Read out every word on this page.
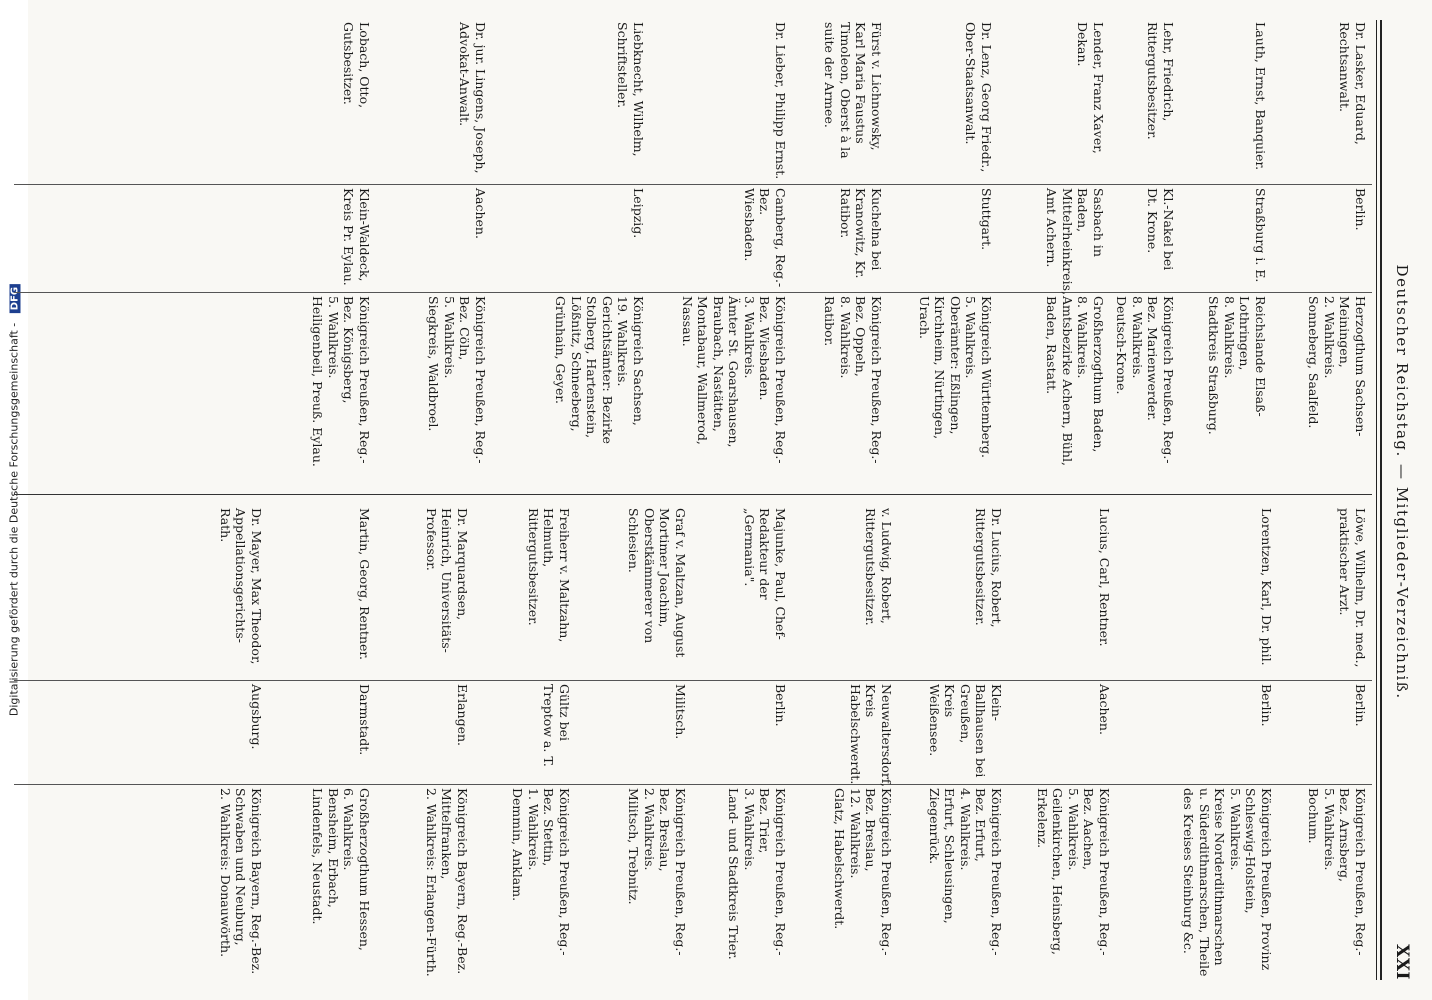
Digitalisierung gefördert durch die Deutsche Forschungsgemeinschaft - DFG	Deutscher Reichstag. — Mitglieder-Verzeichniß.
XXI
Dr. Lasker, Eduard, Rechtsanwalt.
Berlin.
Herzogthum Sachsen-Meiningen,
2. Wahlkreis.
Sonneberg, Saalfeld.
Lauth, Ernst, Banquier.
Straßburg i. E.
Reichslande Elsaß-Lothringen,
8. Wahlkreis.
Stadtkreis Straßburg.
Lehr, Friedrich, Rittergutsbesitzer.
Kl.-Nakel bei Dt. Krone.
Königreich Preußen, Reg.-Bez. Marienwerder.
8. Wahlkreis.
Deutsch-Krone.
Lender, Franz Xaver, Dekan.
Sasbach in Baden, Mittelrheinkreis, Amt Achern.
Großherzogthum Baden,
8. Wahlkreis.
Amtsbezirke Achern, Bühl, Baden, Rastatt.
Dr. Lenz, Georg Friedr., Ober-Staatsanwalt.
Stuttgart.
Königreich Württemberg.
5. Wahlkreis.
Oberämter: Eßlingen, Kirchheim, Nürtingen, Urach.
Fürst v. Lichnowsky, Karl Maria Faustus Timoleon, Oberst à la suite der Armee.
Kuchelna bei Kranowitz, Kr. Ratibor.
Königreich Preußen, Reg.-Bez. Oppeln,
8. Wahlkreis.
Ratibor.
Dr. Lieber, Philipp Ernst.
Camberg, Reg.-Bez. Wiesbaden.
Königreich Preußen, Reg.-Bez. Wiesbaden.
3. Wahlkreis.
Ämter St. Goarshausen, Braubach, Nastätten, Montabaur, Wallmerod, Nassau.
Liebknecht, Wilhelm, Schriftsteller.
Leipzig.
Königreich Sachsen,
19. Wahlkreis.
Gerichtsämter: Bezirke Stolberg, Hartenstein, Lößnitz, Schneeberg, Grünhain, Geyer.
Dr. jur. Lingens, Joseph, Advokat-Anwalt.
Aachen.
Königreich Preußen, Reg.-Bez. Cöln,
5. Wahlkreis.
Siegkreis, Waldbroel.
Lobach, Otto, Gutsbesitzer.
Klein-Waldeck, Kreis Pr. Eylau.
Königreich Preußen, Reg.-Bez. Königsberg,
5. Wahlkreis.
Heiligenbeil, Preuß. Eylau.
Löwe, Wilhelm, Dr. med., praktischer Arzt.
Berlin.
Königreich Preußen, Reg.-Bez. Arnsberg,
5. Wahlkreis.
Bochum.
Lorentzen, Karl, Dr. phil.
Berlin.
Königreich Preußen, Provinz Schleswig-Holstein,
5. Wahlkreis.
Kreise Norderdithmarschen u. Süderdithmarschen, Theile des Kreises Steinburg &c.
Lucius, Carl, Rentner.
Aachen.
Königreich Preußen, Reg.-Bez. Aachen,
5. Wahlkreis.
Geilenkirchen, Heinsberg, Erkelenz.
Dr. Lucius, Robert, Rittergutsbesitzer.
Klein-Ballhausen bei Greußen, Kreis Weißensee.
Königreich Preußen, Reg.-Bez. Erfurt,
4. Wahlkreis.
Erfurt, Schleusingen, Ziegenrück.
v. Ludwig, Robert, Rittergutsbesitzer.
Neuwaltersdorf, Kreis Habelschwerdt.
Königreich Preußen, Reg.-Bez. Breslau,
12. Wahlkreis.
Glatz, Habelschwerdt.
Majunke, Paul, Chef-Redakteur der „Germania".
Berlin.
Königreich Preußen, Reg.-Bez. Trier,
3. Wahlkreis.
Land- und Stadtkreis Trier.
Graf v. Maltzan, August Mortimer Joachim, Oberstkämmerer von Schlesien.
Militsch.
Königreich Preußen, Reg.-Bez. Breslau,
2. Wahlkreis.
Militsch, Trebnitz.
Freiherr v. Maltzahn, Helmuth, Rittergutsbesitzer.
Gültz bei Treptow a. T.
Königreich Preußen, Reg.-Bez. Stettin,
1. Wahlkreis.
Demmin, Anklam.
Dr. Marquardsen, Heinrich, Universitäts-Professor.
Erlangen.
Königreich Bayern, Reg.-Bez. Mittelfranken,
2. Wahlkreis: Erlangen-Fürth.
Martin, Georg, Rentner.
Darmstadt.
Großherzogthum Hessen,
6. Wahlkreis.
Bensheim, Erbach, Lindenfels, Neustadt.
Dr. Mayer, Max Theodor, Appellationsgerichts-Rath.
Augsburg.
Königreich Bayern, Reg.-Bez. Schwaben und Neuburg,
2. Wahlkreis: Donauwörth.
